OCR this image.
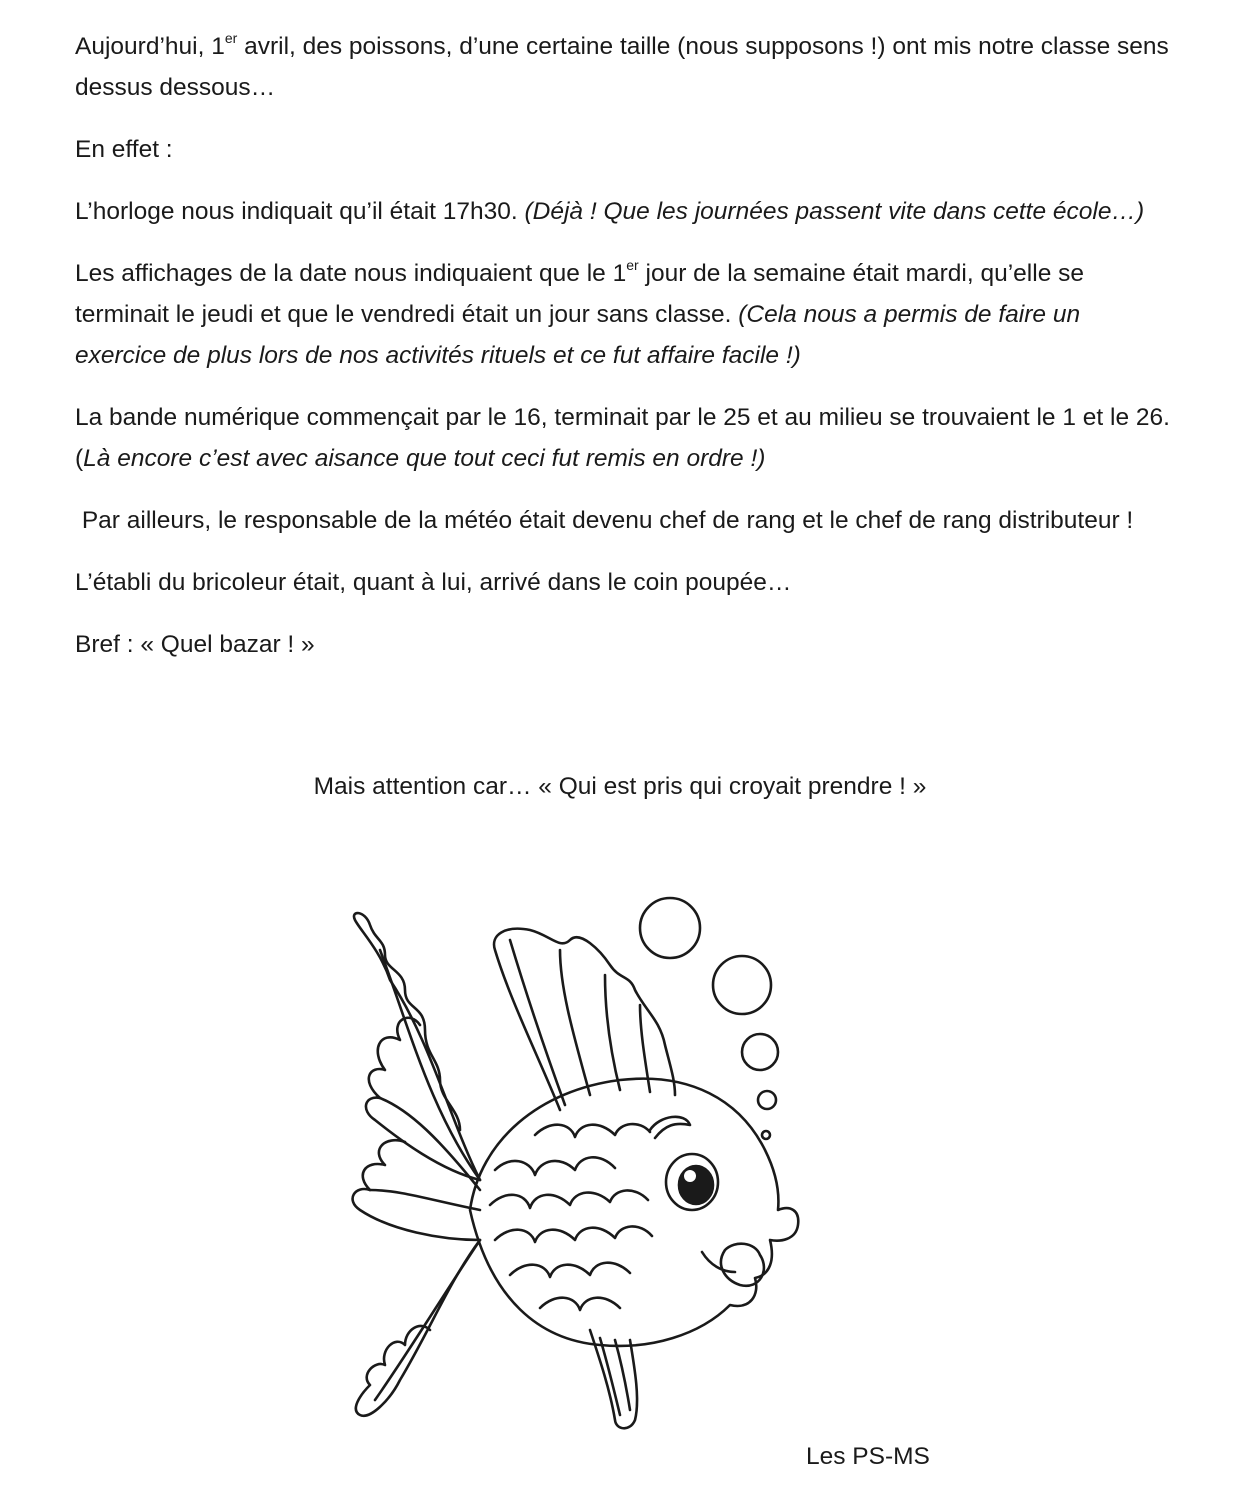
Aujourd’hui, 1er avril, des poissons, d’une certaine taille (nous supposons !) ont mis notre classe sens dessus dessous…

En effet :

L’horloge nous indiquait qu’il était 17h30. (Déjà ! Que les journées passent vite dans cette école…)

Les affichages de la date nous indiquaient que le 1er jour de la semaine était mardi, qu’elle se terminait le jeudi et que le vendredi était un jour sans classe. (Cela nous a permis de faire un exercice de plus lors de nos activités rituels et ce fut affaire facile !)

La bande numérique commençait par le 16, terminait par le 25 et au milieu se trouvaient le 1 et le 26. (Là encore c’est avec aisance que tout ceci fut remis en ordre !)

Par ailleurs, le responsable de la météo était devenu chef de rang et le chef de rang distributeur !

L’établi du bricoleur était, quant à lui, arrivé dans le coin poupée…

Bref : « Quel bazar ! »

Mais attention car… « Qui est pris qui croyait prendre ! »
Les PS-MS
